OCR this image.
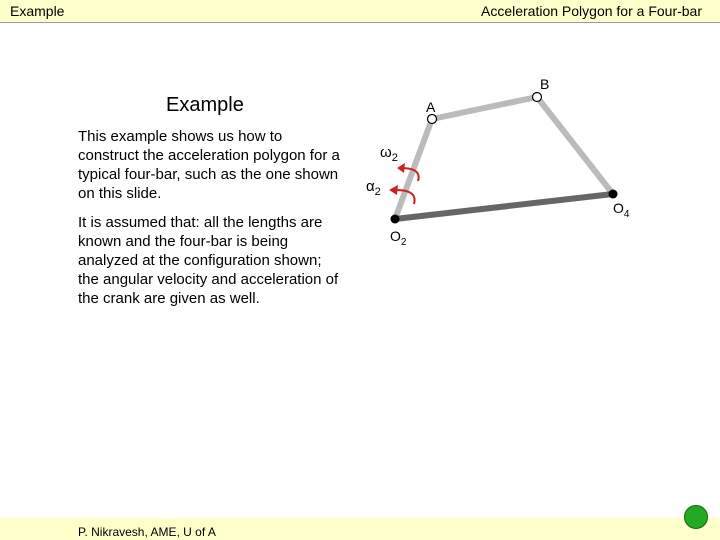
Example	Acceleration Polygon for a Four-bar
Example
This example shows us how to construct the acceleration polygon for a typical four-bar, such as the one shown on this slide.
It is assumed that: all the lengths are known and the four-bar is being analyzed at the configuration shown; the angular velocity and acceleration of the crank are given as well.
A
B
$O_2$
$O_4$
$\omega_2$
$\alpha_2$
P. Nikravesh, AME, U of A
